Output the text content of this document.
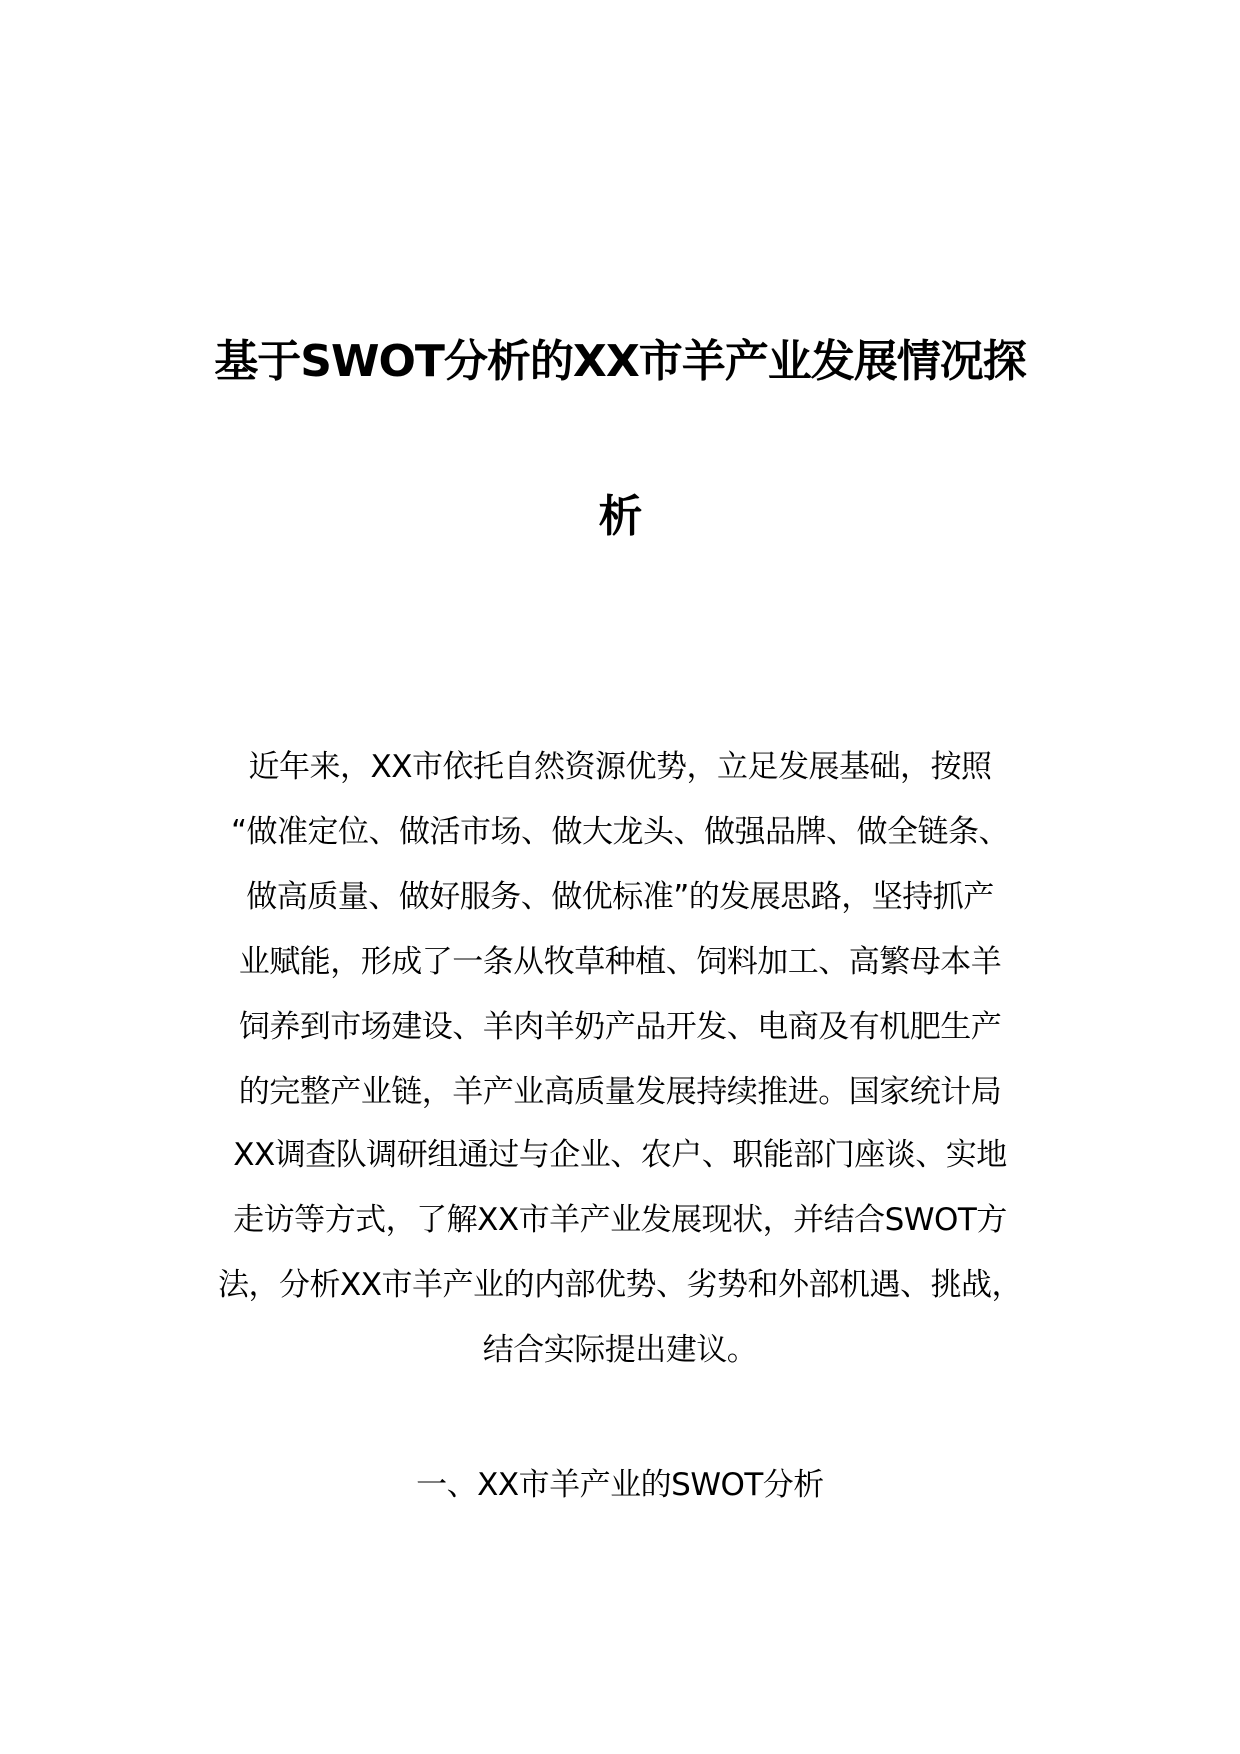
基于SWOT分析的XX市羊产业发展情况探
析
近年来，XX市依托自然资源优势，立足发展基础，按照
“做准定位、做活市场、做大龙头、做强品牌、做全链条、
做高质量、做好服务、做优标准”的发展思路，坚持抓产
业赋能，形成了一条从牧草种植、饲料加工、高繁母本羊
饲养到市场建设、羊肉羊奶产品开发、电商及有机肥生产
的完整产业链，羊产业高质量发展持续推进。国家统计局
XX调查队调研组通过与企业、农户、职能部门座谈、实地
走访等方式，了解XX市羊产业发展现状，并结合SWOT方
法，分析XX市羊产业的内部优势、劣势和外部机遇、挑战，
结合实际提出建议。
一、XX市羊产业的SWOT分析
